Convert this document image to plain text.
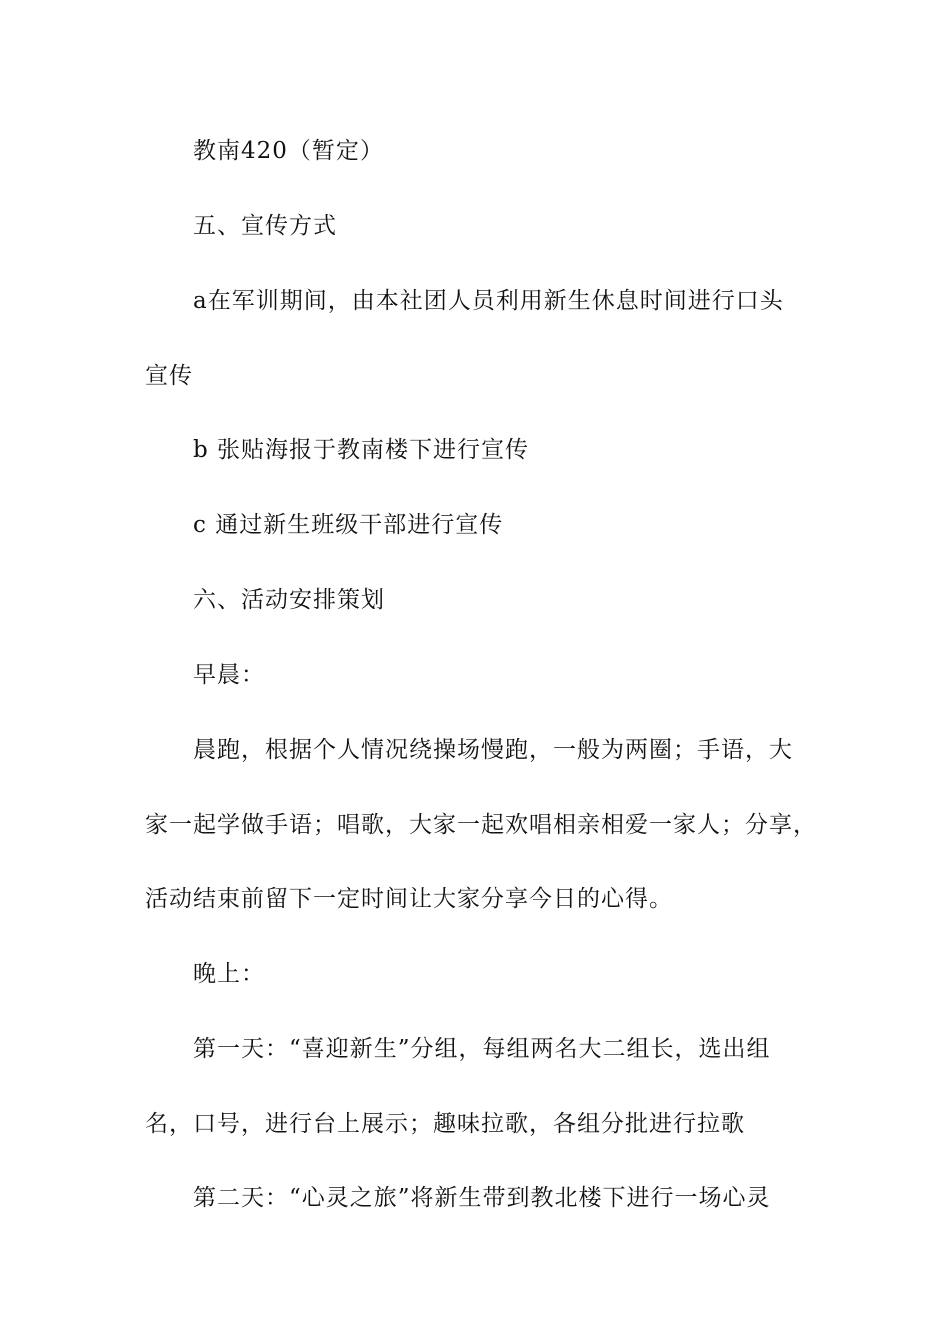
教南420（暂定）
五、宣传方式
a在军训期间，由本社团人员利用新生休息时间进行口头
宣传
b 张贴海报于教南楼下进行宣传
c 通过新生班级干部进行宣传
六、活动安排策划
早晨：
晨跑，根据个人情况绕操场慢跑，一般为两圈；手语，大
家一起学做手语；唱歌，大家一起欢唱相亲相爱一家人；分享，
活动结束前留下一定时间让大家分享今日的心得。
晚上：
第一天：“喜迎新生”分组，每组两名大二组长，选出组
名，口号，进行台上展示；趣味拉歌，各组分批进行拉歌
第二天：“心灵之旅”将新生带到教北楼下进行一场心灵
